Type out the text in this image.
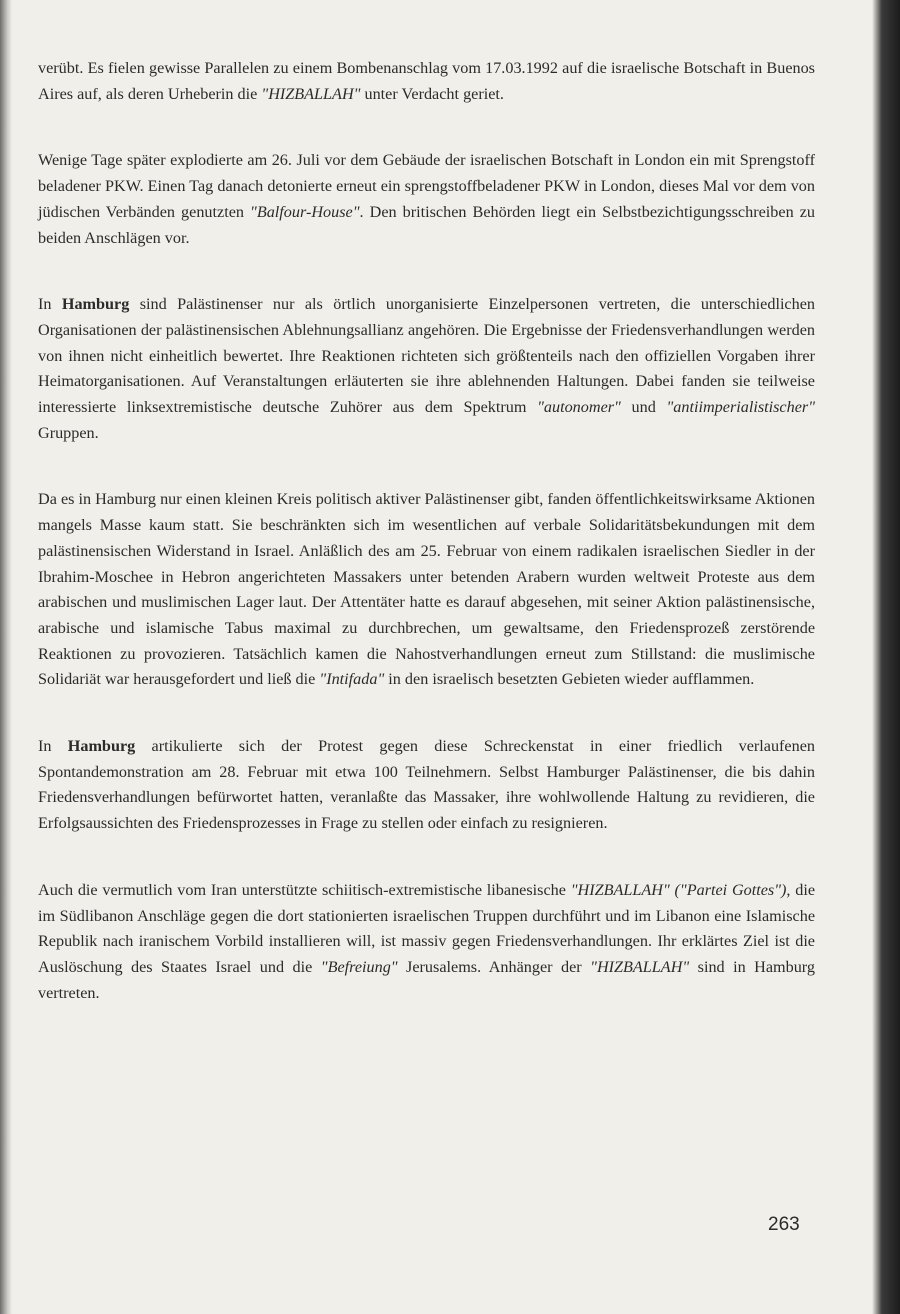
verübt. Es fielen gewisse Parallelen zu einem Bombenanschlag vom 17.03.1992 auf die israelische Botschaft in Buenos Aires auf, als deren Urheberin die "HIZBALLAH" unter Verdacht geriet.

Wenige Tage später explodierte am 26. Juli vor dem Gebäude der israelischen Botschaft in London ein mit Sprengstoff beladener PKW. Einen Tag danach detonierte erneut ein sprengstoffbeladener PKW in London, dieses Mal vor dem von jüdischen Verbänden genutzten "Balfour-House". Den britischen Behörden liegt ein Selbstbezichtigungsschreiben zu beiden Anschlägen vor.

In Hamburg sind Palästinenser nur als örtlich unorganisierte Einzelpersonen vertreten, die unterschiedlichen Organisationen der palästinensischen Ablehnungsallianz angehören. Die Ergebnisse der Friedensverhandlungen werden von ihnen nicht einheitlich bewertet. Ihre Reaktionen richteten sich größtenteils nach den offiziellen Vorgaben ihrer Heimatorganisationen. Auf Veranstaltungen erläuterten sie ihre ablehnenden Haltungen. Dabei fanden sie teilweise interessierte linksextremistische deutsche Zuhörer aus dem Spektrum "autonomer" und "antiimperialistischer" Gruppen.

Da es in Hamburg nur einen kleinen Kreis politisch aktiver Palästinenser gibt, fanden öffentlichkeitswirksame Aktionen mangels Masse kaum statt. Sie beschränkten sich im wesentlichen auf verbale Solidaritätsbekundungen mit dem palästinensischen Widerstand in Israel. Anläßlich des am 25. Februar von einem radikalen israelischen Siedler in der Ibrahim-Moschee in Hebron angerichteten Massakers unter betenden Arabern wurden weltweit Proteste aus dem arabischen und muslimischen Lager laut. Der Attentäter hatte es darauf abgesehen, mit seiner Aktion palästinensische, arabische und islamische Tabus maximal zu durchbrechen, um gewaltsame, den Friedensprozeß zerstörende Reaktionen zu provozieren. Tatsächlich kamen die Nahostverhandlungen erneut zum Stillstand: die muslimische Solidariät war herausgefordert und ließ die "Intifada" in den israelisch besetzten Gebieten wieder aufflammen.

In Hamburg artikulierte sich der Protest gegen diese Schreckenstat in einer friedlich verlaufenen Spontandemonstration am 28. Februar mit etwa 100 Teilnehmern. Selbst Hamburger Palästinenser, die bis dahin Friedensverhandlungen befürwortet hatten, veranlaßte das Massaker, ihre wohlwollende Haltung zu revidieren, die Erfolgsaussichten des Friedensprozesses in Frage zu stellen oder einfach zu resignieren.

Auch die vermutlich vom Iran unterstützte schiitisch-extremistische libanesische "HIZBALLAH" ("Partei Gottes"), die im Südlibanon Anschläge gegen die dort stationierten israelischen Truppen durchführt und im Libanon eine Islamische Republik nach iranischem Vorbild installieren will, ist massiv gegen Friedensverhandlungen. Ihr erklärtes Ziel ist die Auslöschung des Staates Israel und die "Befreiung" Jerusalems. Anhänger der "HIZBALLAH" sind in Hamburg vertreten.

263
